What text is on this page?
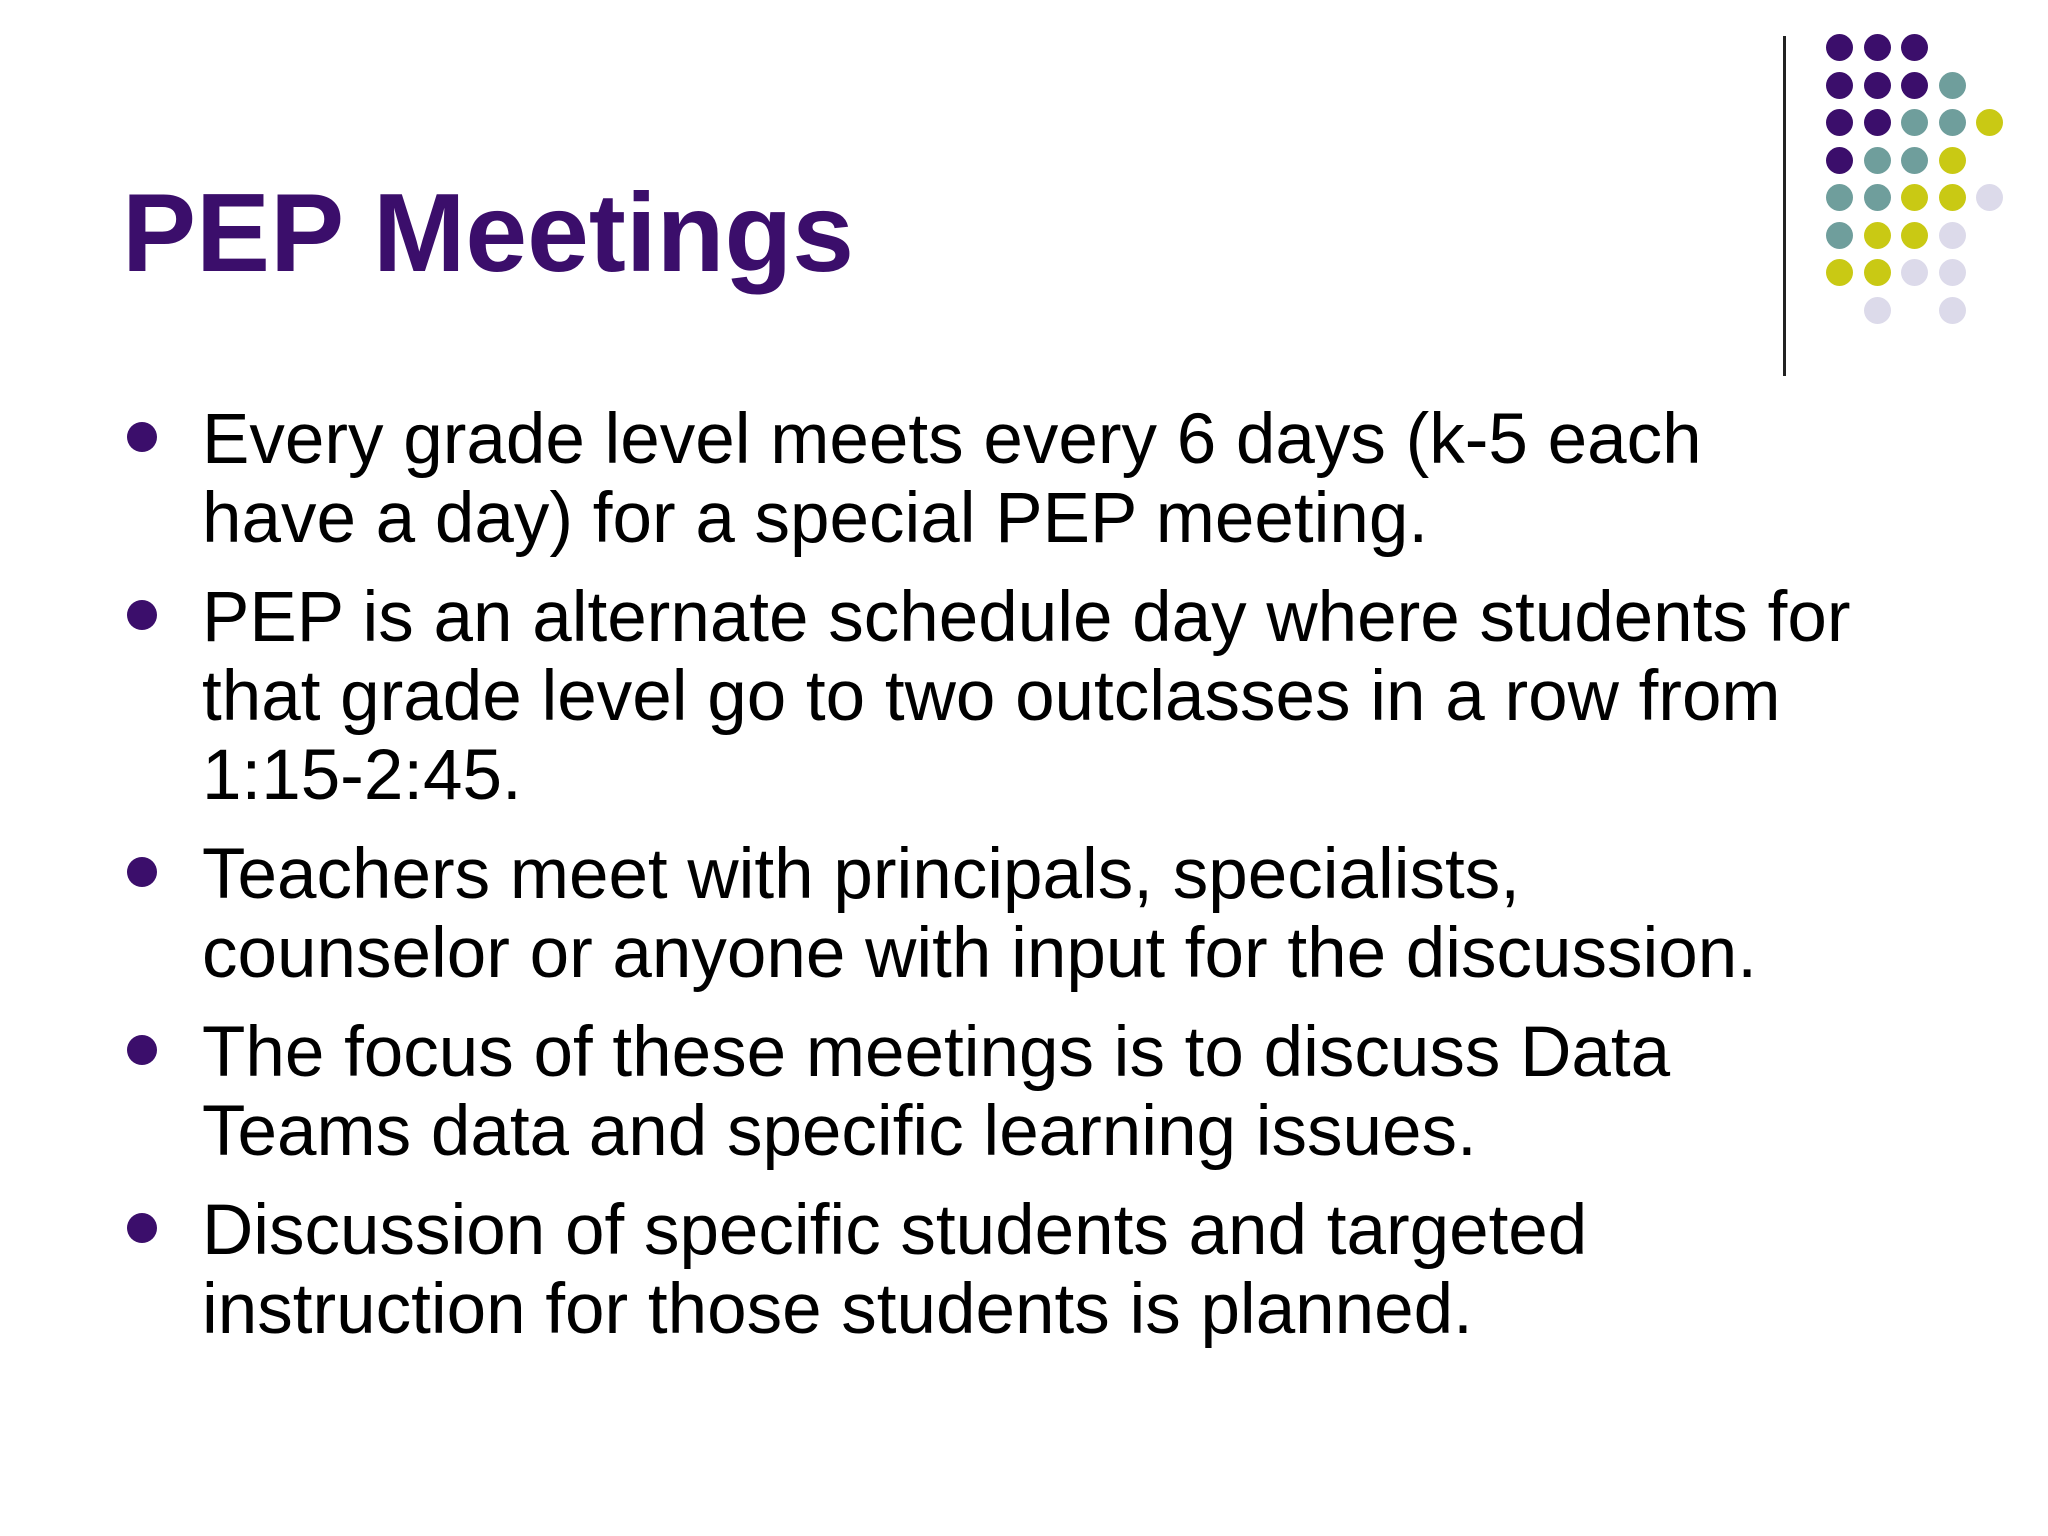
PEP Meetings
Every grade level meets every 6 days (k-5 each
have a day) for a special PEP meeting.
PEP is an alternate schedule day where students for
that grade level go to two outclasses in a row from
1:15-2:45.
Teachers meet with principals, specialists,
counselor or anyone with input for the discussion.
The focus of these meetings is to discuss Data
Teams data and specific learning issues.
Discussion of specific students and targeted
instruction for those students is planned.
